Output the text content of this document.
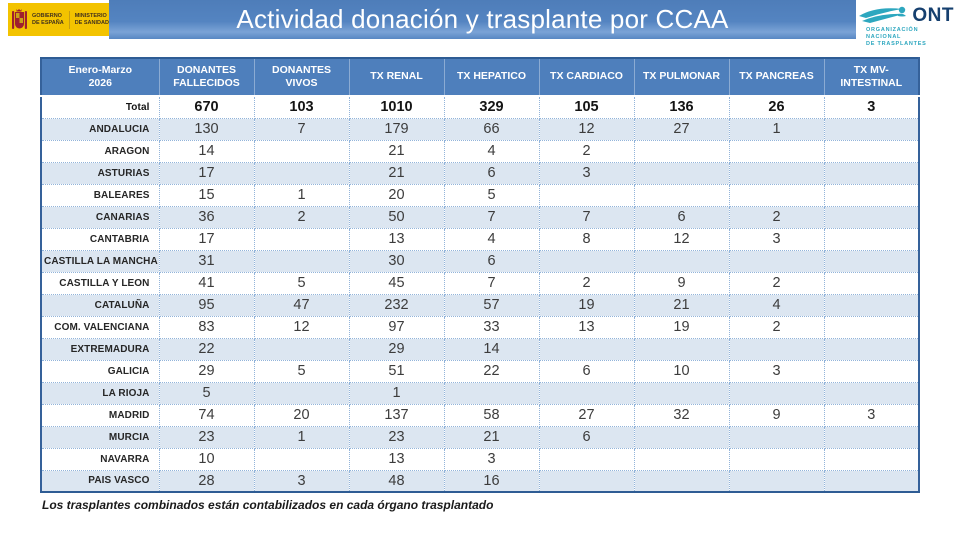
GOBIERNO
DE ESPAÑA
MINISTERIO
DE SANIDAD	Actividad donación y trasplante por CCAA	ONT
ORGANIZACIÓN NACIONAL
DE TRASPLANTES
Enero-Marzo
2026	DONANTES FALLECIDOS	DONANTES VIVOS	TX RENAL	TX HEPATICO	TX CARDIACO	TX PULMONAR	TX PANCREAS	TX MV-INTESTINAL
Total	670	103	1010	329	105	136	26	3
ANDALUCIA	130	7	179	66	12	27	1	
ARAGON	14		21	4	2			
ASTURIAS	17		21	6	3			
BALEARES	15	1	20	5				
CANARIAS	36	2	50	7	7	6	2	
CANTABRIA	17		13	4	8	12	3	
CASTILLA LA MANCHA	31		30	6				
CASTILLA Y LEON	41	5	45	7	2	9	2	
CATALUÑA	95	47	232	57	19	21	4	
COM. VALENCIANA	83	12	97	33	13	19	2	
EXTREMADURA	22		29	14				
GALICIA	29	5	51	22	6	10	3	
LA RIOJA	5		1					
MADRID	74	20	137	58	27	32	9	3
MURCIA	23	1	23	21	6			
NAVARRA	10		13	3				
PAIS VASCO	28	3	48	16				
Los trasplantes combinados están contabilizados en cada órgano trasplantado
